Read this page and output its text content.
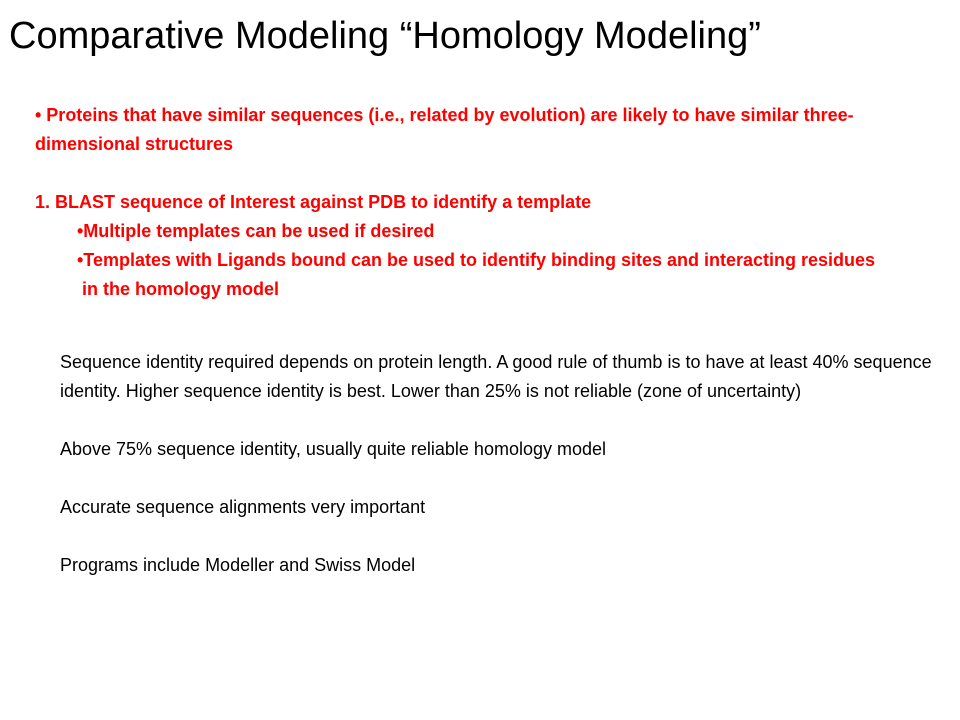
Comparative Modeling “Homology Modeling”

• Proteins that have similar sequences (i.e., related by evolution) are likely to have similar three-dimensional structures

1. BLAST sequence of Interest against PDB to identify a template

•Multiple templates can be used if desired

•Templates with Ligands bound can be used to identify binding sites and interacting residues in the homology model

Sequence identity required depends on protein length. A good rule of thumb is to have at least 40% sequence identity. Higher sequence identity is best. Lower than 25% is not reliable (zone of uncertainty)

Above 75% sequence identity, usually quite reliable homology model

Accurate sequence alignments very important

Programs include Modeller and Swiss Model
